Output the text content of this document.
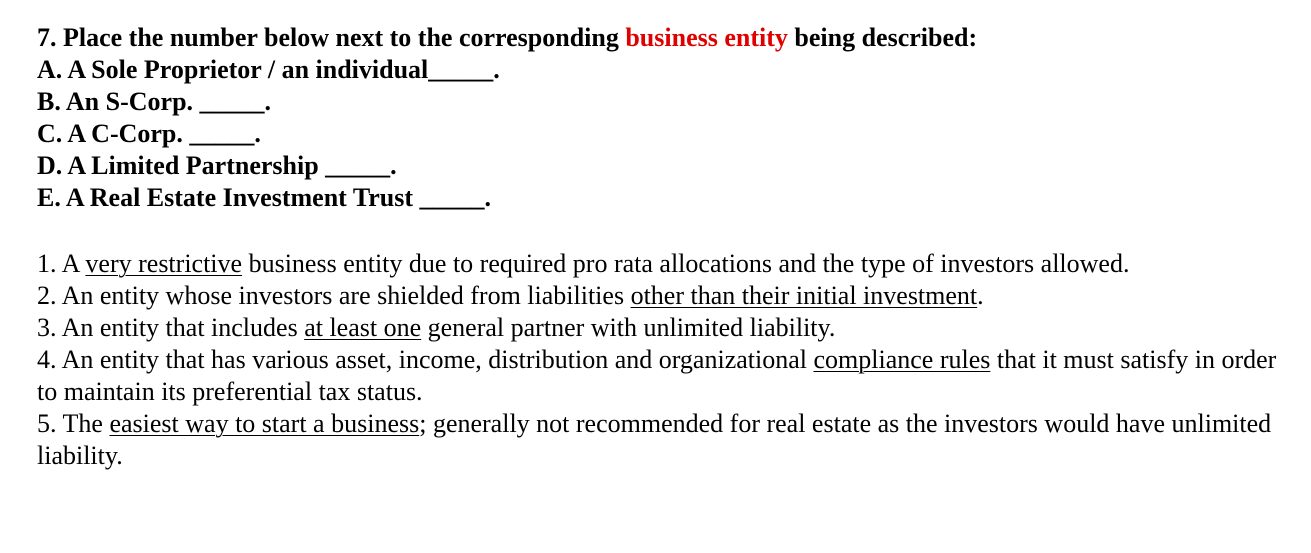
7. Place the number below next to the corresponding business entity being described:
A. A Sole Proprietor / an individual_____.
B. An S-Corp. _____.
C. A C-Corp. _____.
D. A Limited Partnership _____.
E. A Real Estate Investment Trust _____.
1. A very restrictive business entity due to required pro rata allocations and the type of investors allowed.
2. An entity whose investors are shielded from liabilities other than their initial investment.
3. An entity that includes at least one general partner with unlimited liability.
4. An entity that has various asset, income, distribution and organizational compliance rules that it must satisfy in order to maintain its preferential tax status.
5. The easiest way to start a business; generally not recommended for real estate as the investors would have unlimited liability.
